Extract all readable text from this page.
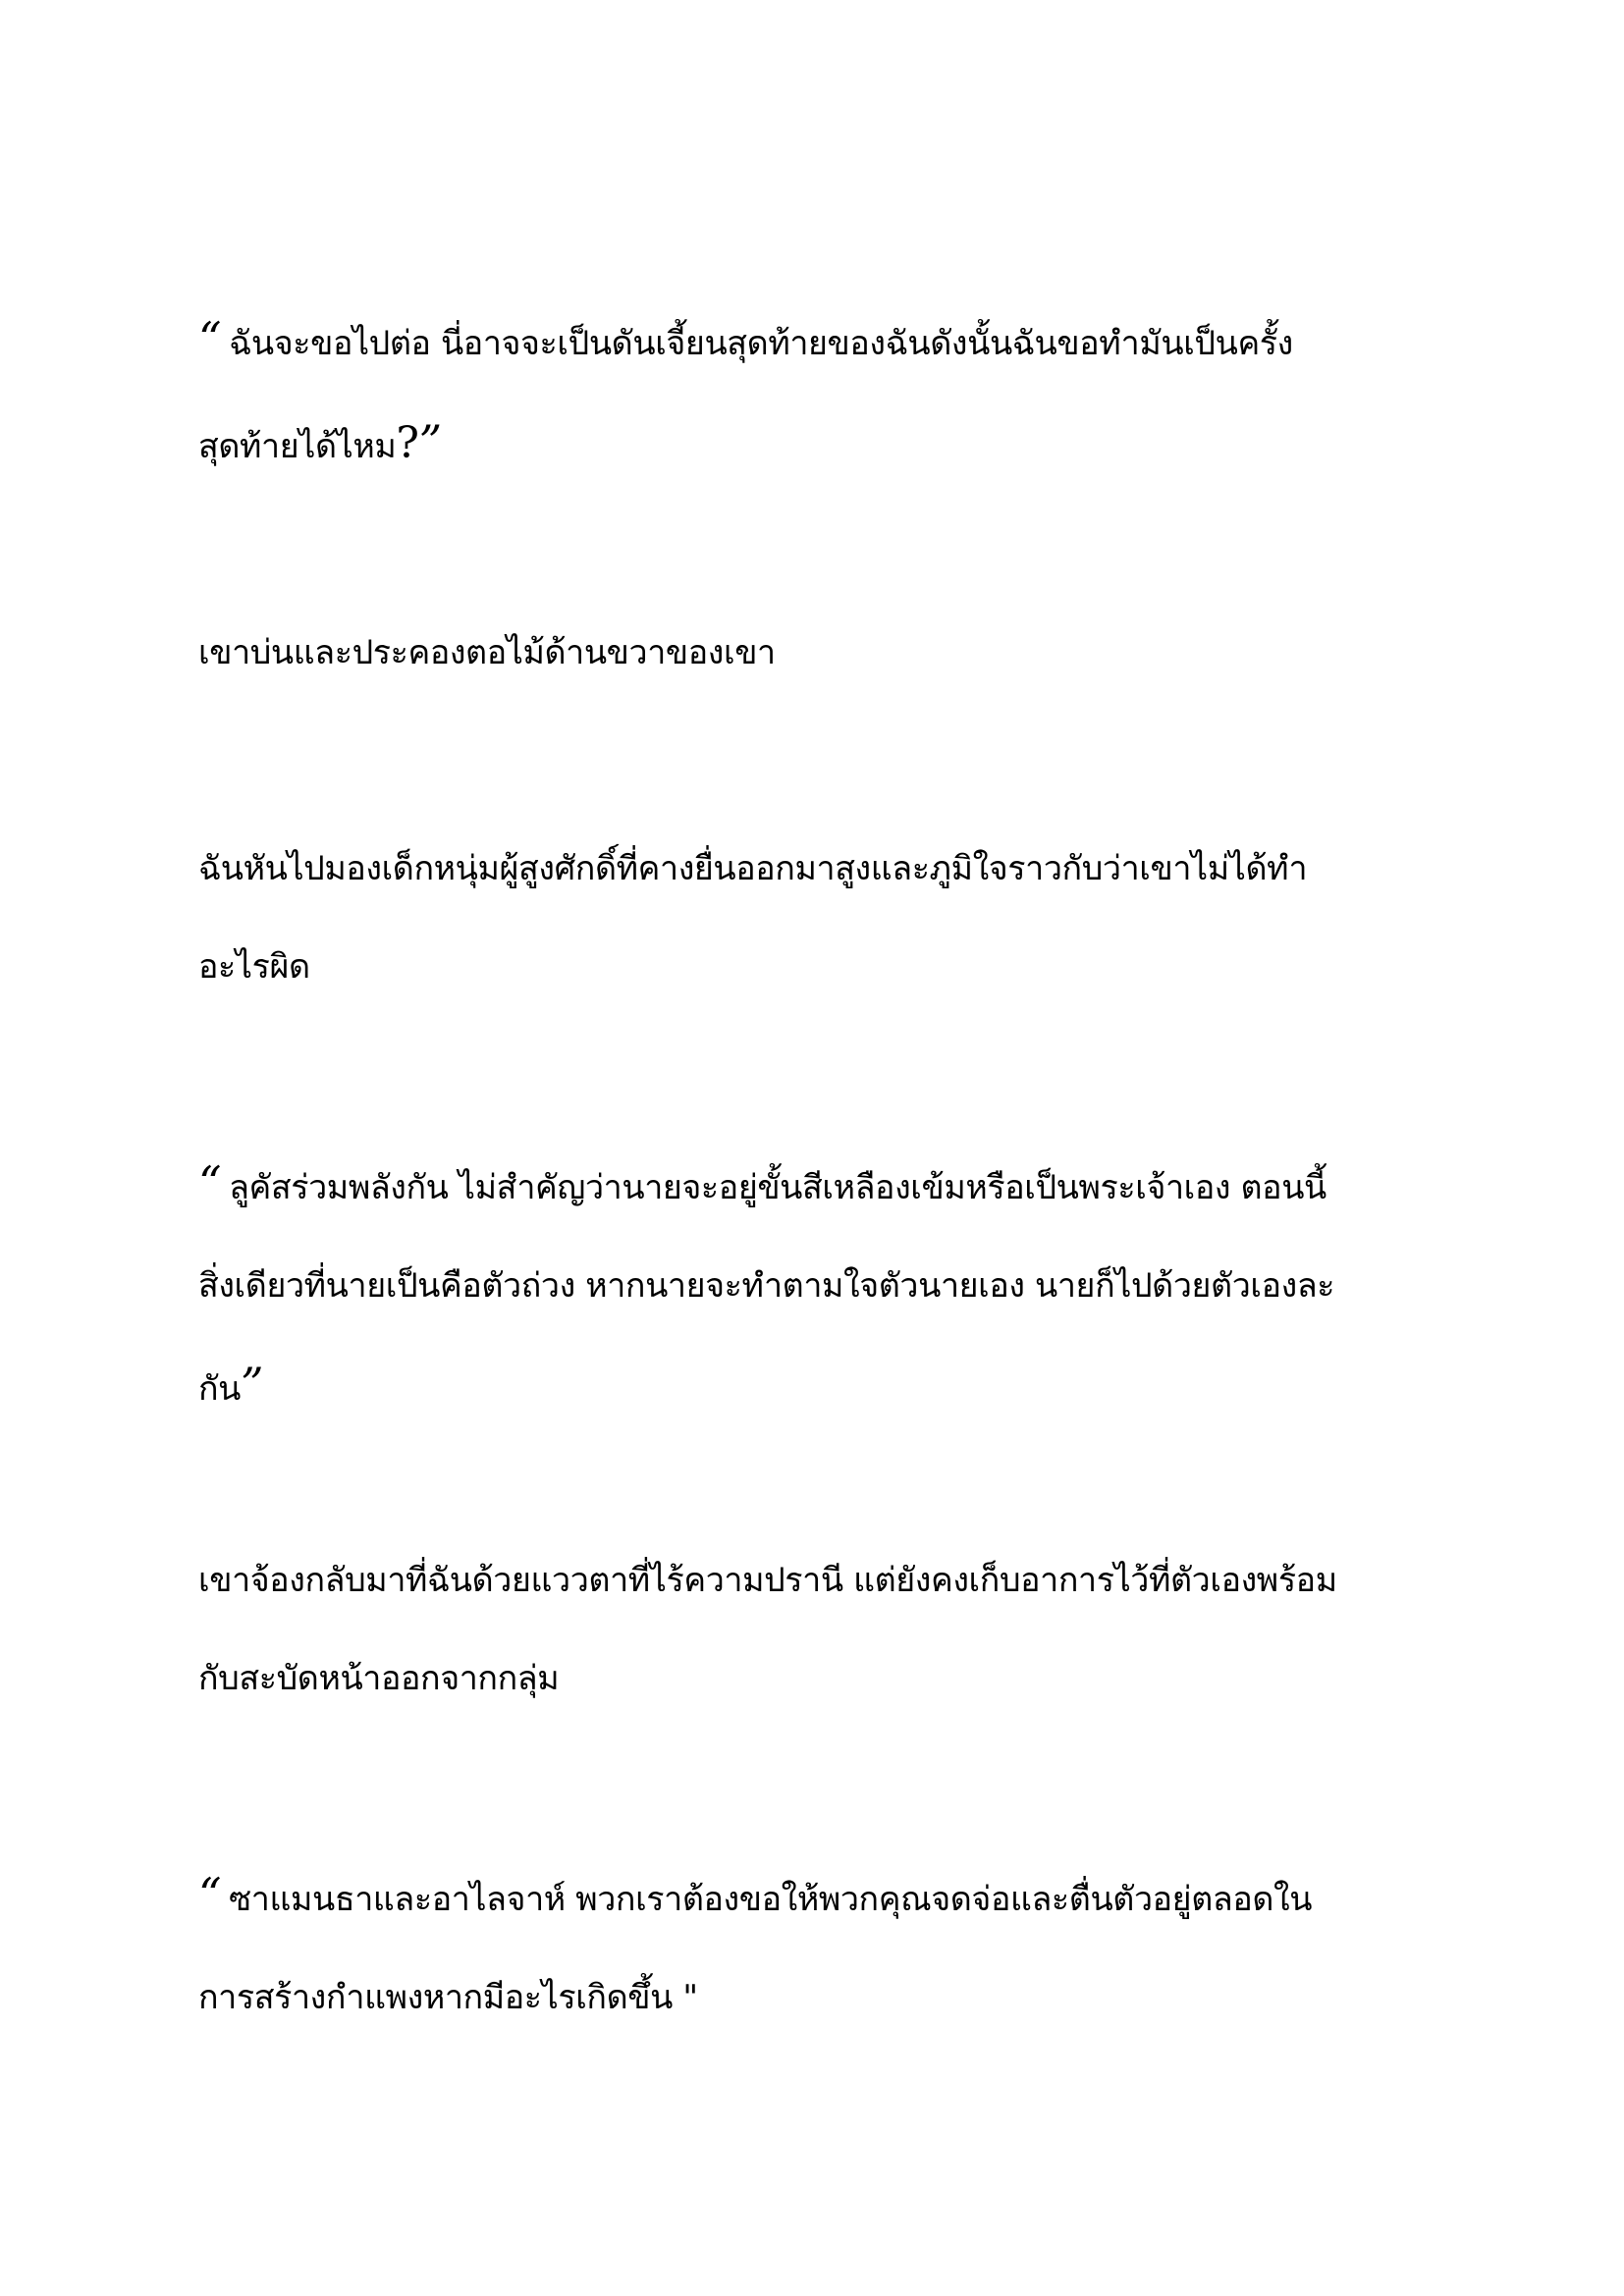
“ ฉันจะขอไปต่อ นี่อาจจะเป็นดันเจี้ยนสุดท้ายของฉันดังนั้นฉันขอทำมันเป็นครั้ง
สุดท้ายได้ไหม?”
เขาบ่นและประคองตอไม้ด้านขวาของเขา
ฉันหันไปมองเด็กหนุ่มผู้สูงศักดิ์ที่คางยื่นออกมาสูงและภูมิใจราวกับว่าเขาไม่ได้ทำ
อะไรผิด
“ ลูคัสร่วมพลังกัน ไม่สำคัญว่านายจะอยู่ขั้นสีเหลืองเข้มหรือเป็นพระเจ้าเอง ตอนนี้
สิ่งเดียวที่นายเป็นคือตัวถ่วง หากนายจะทำตามใจตัวนายเอง นายก็ไปด้วยตัวเองละ
กัน”
เขาจ้องกลับมาที่ฉันด้วยแววตาที่ไร้ความปรานี แต่ยังคงเก็บอาการไว้ที่ตัวเองพร้อม
กับสะบัดหน้าออกจากกลุ่ม
“ ซาแมนธาและอาไลจาห์ พวกเราต้องขอให้พวกคุณจดจ่อและตื่นตัวอยู่ตลอดใน
การสร้างกำแพงหากมีอะไรเกิดขึ้น "
